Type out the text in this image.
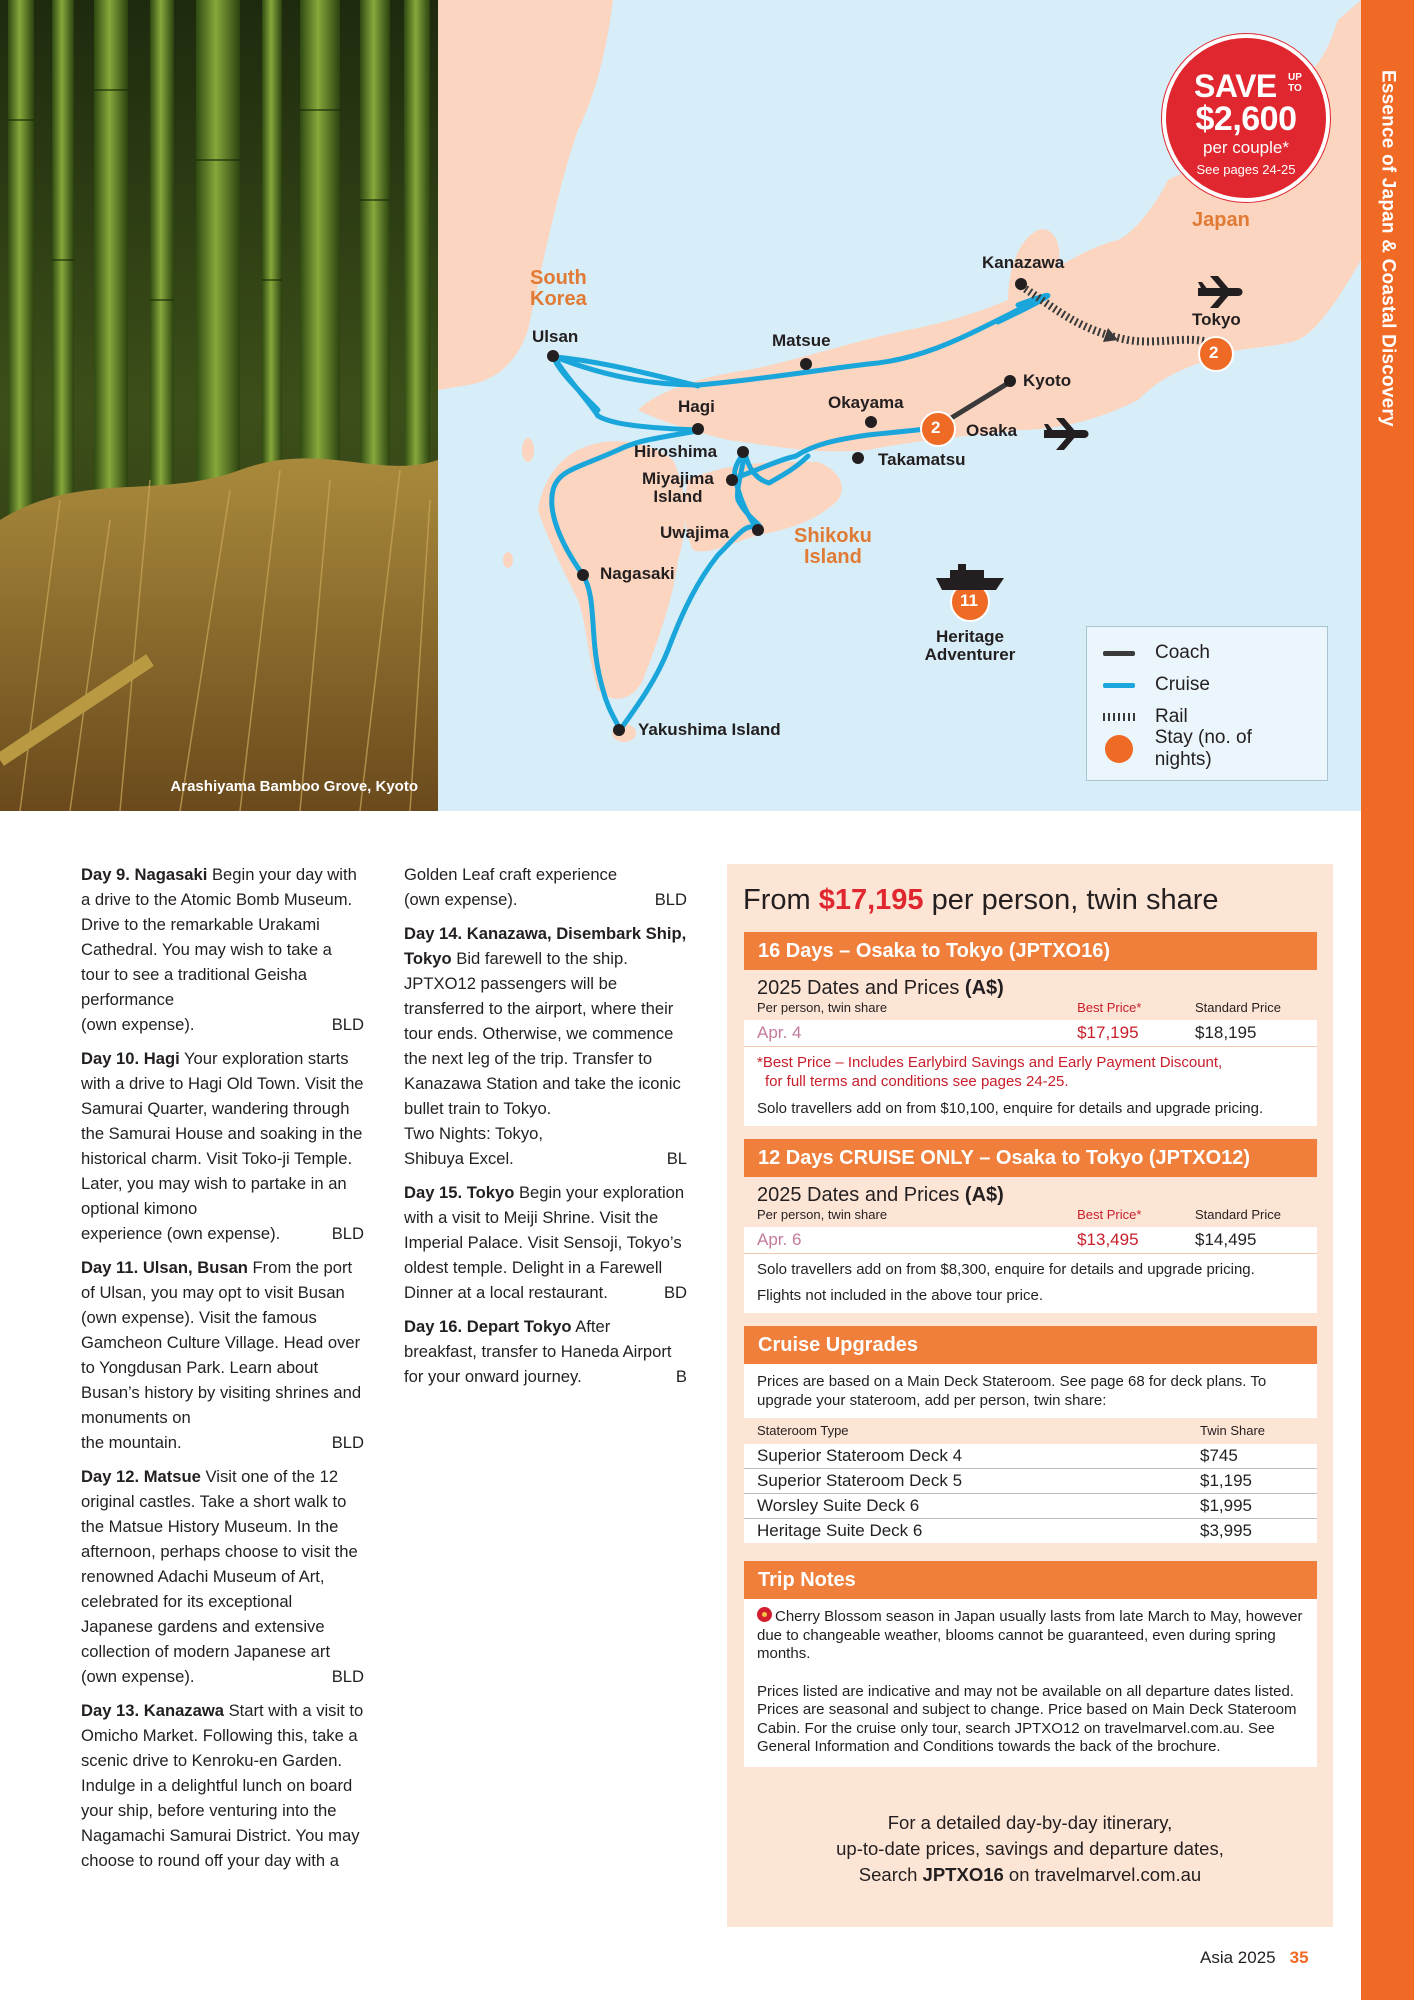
Essence of Japan & Coastal Discovery
Arashiyama Bamboo Grove, Kyoto
South
Korea
Japan
Shikoku
Island
Kanazawa
Tokyo
Ulsan	Matsue
Kyoto
Hagi	Okayama
Osaka
Hiroshima
Miyajima
Island
Takamatsu
Uwajima
Nagasaki
Yakushima Island
Heritage
Adventurer
2
2
11
SAVE UP
TO
$2,600
per couple*
See pages 24-25
Coach
Cruise
Rail
Stay (no. of nights)
Day 9. Nagasaki Begin your day with a drive to the Atomic Bomb Museum. Drive to the remarkable Urakami Cathedral. You may wish to take a tour to see a traditional Geisha performance
(own expense).	BLD
Day 10. Hagi Your exploration starts with a drive to Hagi Old Town. Visit the Samurai Quarter, wandering through the Samurai House and soaking in the historical charm. Visit Toko-ji Temple. Later, you may wish to partake in an optional kimono
experience (own expense).	BLD
Day 11. Ulsan, Busan From the port of Ulsan, you may opt to visit Busan (own expense). Visit the famous Gamcheon Culture Village. Head over to Yongdusan Park. Learn about Busan’s history by visiting shrines and monuments on
the mountain.	BLD
Day 12. Matsue Visit one of the 12 original castles. Take a short walk to the Matsue History Museum. In the afternoon, perhaps choose to visit the renowned Adachi Museum of Art, celebrated for its exceptional Japanese gardens and extensive collection of modern Japanese art
(own expense).	BLD
Day 13. Kanazawa Start with a visit to Omicho Market. Following this, take a scenic drive to Kenroku-en Garden. Indulge in a delightful lunch on board your ship, before venturing into the Nagamachi Samurai District. You may choose to round off your day with a
Golden Leaf craft experience
(own expense).	BLD
Day 14. Kanazawa, Disembark Ship, Tokyo Bid farewell to the ship. JPTXO12 passengers will be transferred to the airport, where their tour ends. Otherwise, we commence the next leg of the trip. Transfer to Kanazawa Station and take the iconic bullet train to Tokyo.
Two Nights: Tokyo,
Shibuya Excel.	BL
Day 15. Tokyo Begin your exploration with a visit to Meiji Shrine. Visit the Imperial Palace. Visit Sensoji, Tokyo’s oldest temple. Delight in a Farewell
Dinner at a local restaurant.	BD
Day 16. Depart Tokyo After breakfast, transfer to Haneda Airport
for your onward journey.	B
From $17,195 per person, twin share
16 Days – Osaka to Tokyo (JPTXO16)
2025 Dates and Prices (A$)
Per person, twin share	Best Price*	Standard Price
Apr. 4	$17,195	$18,195
*Best Price – Includes Earlybird Savings and Early Payment Discount,
for full terms and conditions see pages 24-25.
Solo travellers add on from $10,100, enquire for details and upgrade pricing.
12 Days CRUISE ONLY – Osaka to Tokyo (JPTXO12)
2025 Dates and Prices (A$)
Per person, twin share	Best Price*	Standard Price
Apr. 6	$13,495	$14,495
Solo travellers add on from $8,300, enquire for details and upgrade pricing.
Flights not included in the above tour price.
Cruise Upgrades
Prices are based on a Main Deck Stateroom. See page 68 for deck plans. To upgrade your stateroom, add per person, twin share:
Stateroom Type	Twin Share
Superior Stateroom Deck 4	$745
Superior Stateroom Deck 5	$1,195
Worsley Suite Deck 6	$1,995
Heritage Suite Deck 6	$3,995
Trip Notes

Cherry Blossom season in Japan usually lasts from late March to May, however due to changeable weather, blooms cannot be guaranteed, even during spring months.

Prices listed are indicative and may not be available on all departure dates listed. Prices are seasonal and subject to change. Price based on Main Deck Stateroom Cabin. For the cruise only tour, search JPTXO12 on travelmarvel.com.au. See General Information and Conditions towards the back of the brochure.

For a detailed day-by-day itinerary,
up-to-date prices, savings and departure dates,
Search JPTXO16 on travelmarvel.com.au
Asia 2025 35
